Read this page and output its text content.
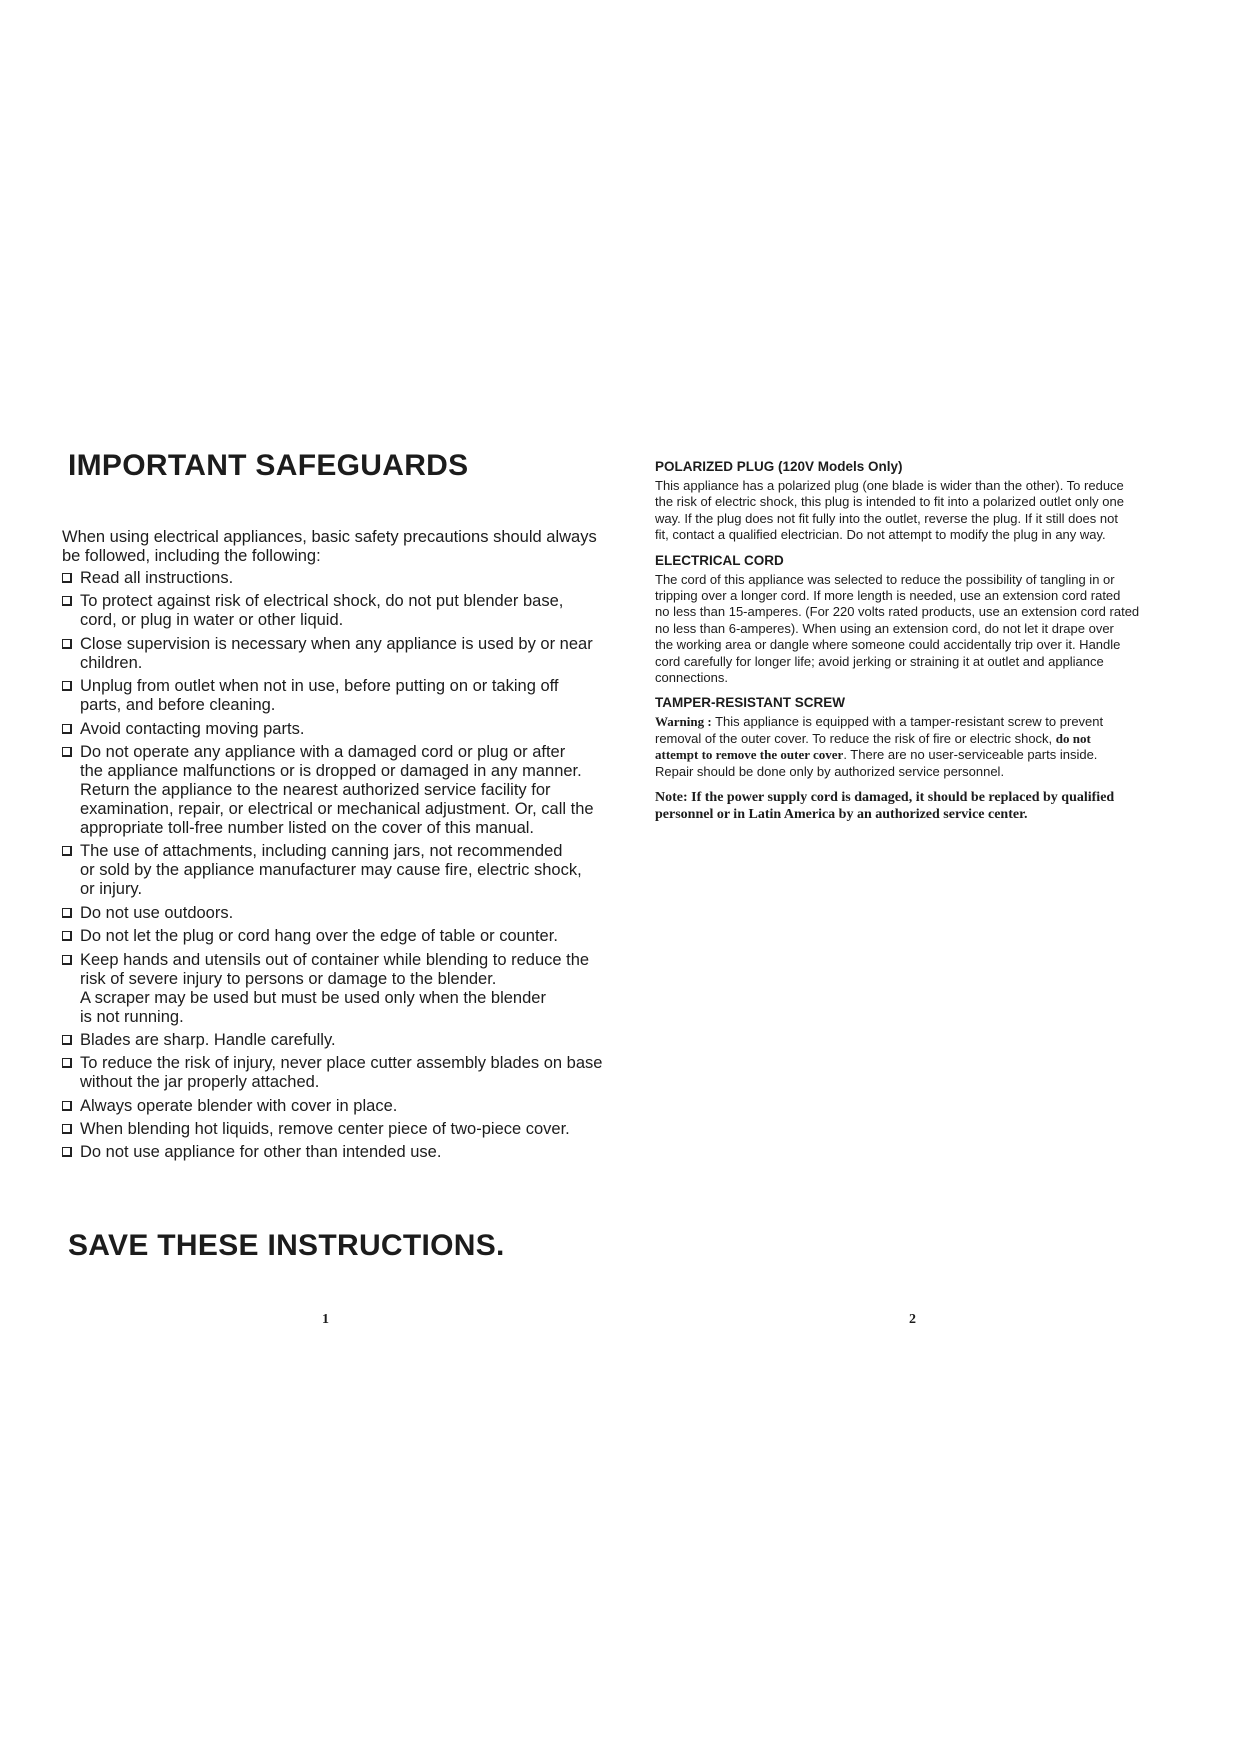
IMPORTANT SAFEGUARDS

When using electrical appliances, basic safety precautions should always be followed, including the following:

Read all instructions.
To protect against risk of electrical shock, do not put blender base,
cord, or plug in water or other liquid.
Close supervision is necessary when any appliance is used by or near
children.
Unplug from outlet when not in use, before putting on or taking off
parts, and before cleaning.
Avoid contacting moving parts.
Do not operate any appliance with a damaged cord or plug or after
the appliance malfunctions or is dropped or damaged in any manner.
Return the appliance to the nearest authorized service facility for
examination, repair, or electrical or mechanical adjustment. Or, call the
appropriate toll-free number listed on the cover of this manual.
The use of attachments, including canning jars, not recommended
or sold by the appliance manufacturer may cause fire, electric shock,
or injury.
Do not use outdoors.
Do not let the plug or cord hang over the edge of table or counter.
Keep hands and utensils out of container while blending to reduce the
risk of severe injury to persons or damage to the blender.
A scraper may be used but must be used only when the blender
is not running.
Blades are sharp. Handle carefully.
To reduce the risk of injury, never place cutter assembly blades on base
without the jar properly attached.
Always operate blender with cover in place.
When blending hot liquids, remove center piece of two-piece cover.
Do not use appliance for other than intended use.
SAVE THESE INSTRUCTIONS.
1
POLARIZED PLUG (120V Models Only)
This appliance has a polarized plug (one blade is wider than the other). To reduce
the risk of electric shock, this plug is intended to fit into a polarized outlet only one
way. If the plug does not fit fully into the outlet, reverse the plug. If it still does not
fit, contact a qualified electrician. Do not attempt to modify the plug in any way.
ELECTRICAL CORD
The cord of this appliance was selected to reduce the possibility of tangling in or
tripping over a longer cord. If more length is needed, use an extension cord rated
no less than 15-amperes. (For 220 volts rated products, use an extension cord rated
no less than 6-amperes). When using an extension cord, do not let it drape over
the working area or dangle where someone could accidentally trip over it. Handle
cord carefully for longer life; avoid jerking or straining it at outlet and appliance
connections.
TAMPER-RESISTANT SCREW
Warning : This appliance is equipped with a tamper-resistant screw to prevent
removal of the outer cover. To reduce the risk of fire or electric shock, do not
attempt to remove the outer cover. There are no user-serviceable parts inside.
Repair should be done only by authorized service personnel.
Note: If the power supply cord is damaged, it should be replaced by qualified
personnel or in Latin America by an authorized service center.
2
